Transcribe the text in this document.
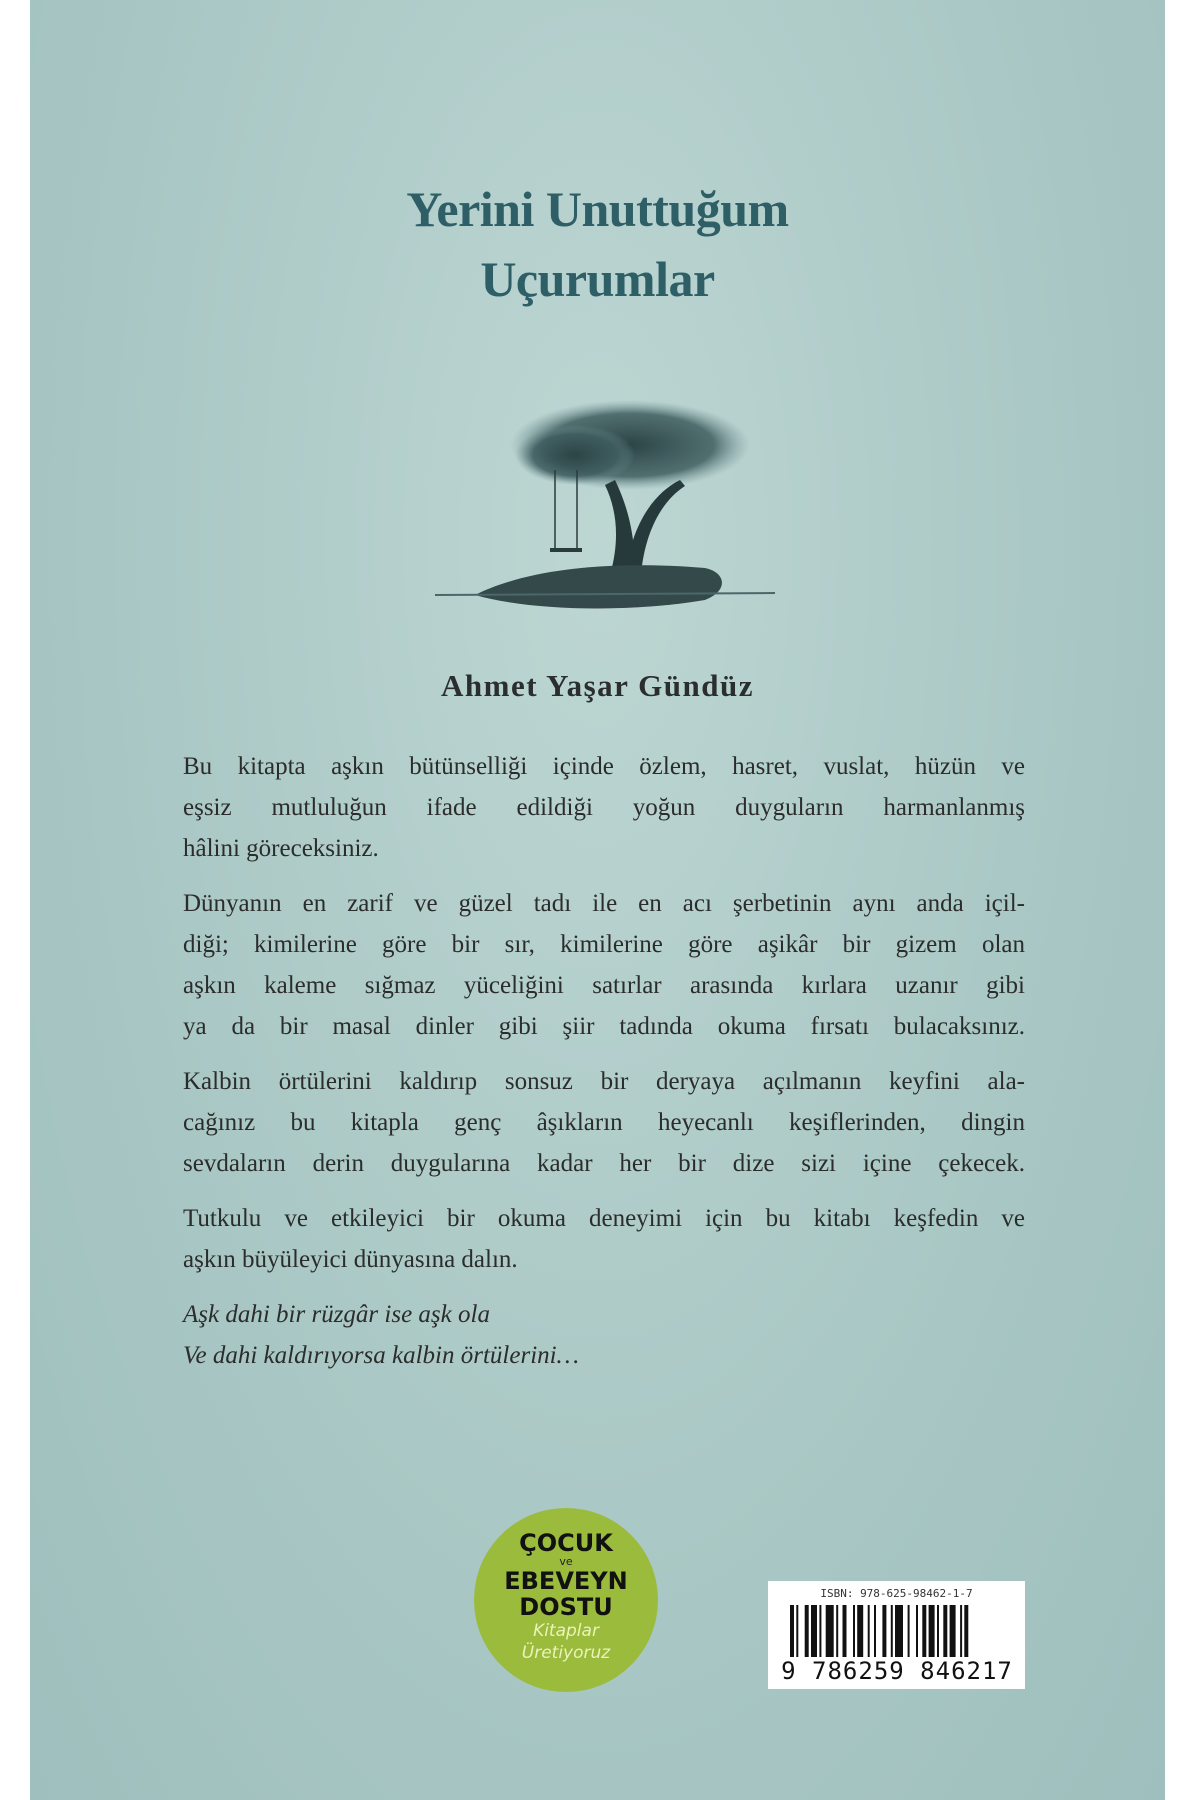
Yerini Unuttuğum
Uçurumlar
Ahmet Yaşar Gündüz
Bu kitapta aşkın bütünselliği içinde özlem, hasret, vuslat, hüzün ve
eşsiz mutluluğun ifade edildiği yoğun duyguların harmanlanmış
hâlini göreceksiniz.
Dünyanın en zarif ve güzel tadı ile en acı şerbetinin aynı anda içil-
diği; kimilerine göre bir sır, kimilerine göre aşikâr bir gizem olan
aşkın kaleme sığmaz yüceliğini satırlar arasında kırlara uzanır gibi
ya da bir masal dinler gibi şiir tadında okuma fırsatı bulacaksınız.
Kalbin örtülerini kaldırıp sonsuz bir deryaya açılmanın keyfini ala-
cağınız bu kitapla genç âşıkların heyecanlı keşiflerinden, dingin
sevdaların derin duygularına kadar her bir dize sizi içine çekecek.
Tutkulu ve etkileyici bir okuma deneyimi için bu kitabı keşfedin ve
aşkın büyüleyici dünyasına dalın.
Aşk dahi bir rüzgâr ise aşk ola
Ve dahi kaldırıyorsa kalbin örtülerini…
ÇOCUK
ve
EBEVEYN
DOSTU
Kitaplar
Üretiyoruz
ISBN: 978-625-98462-1-7
9 786259 846217
